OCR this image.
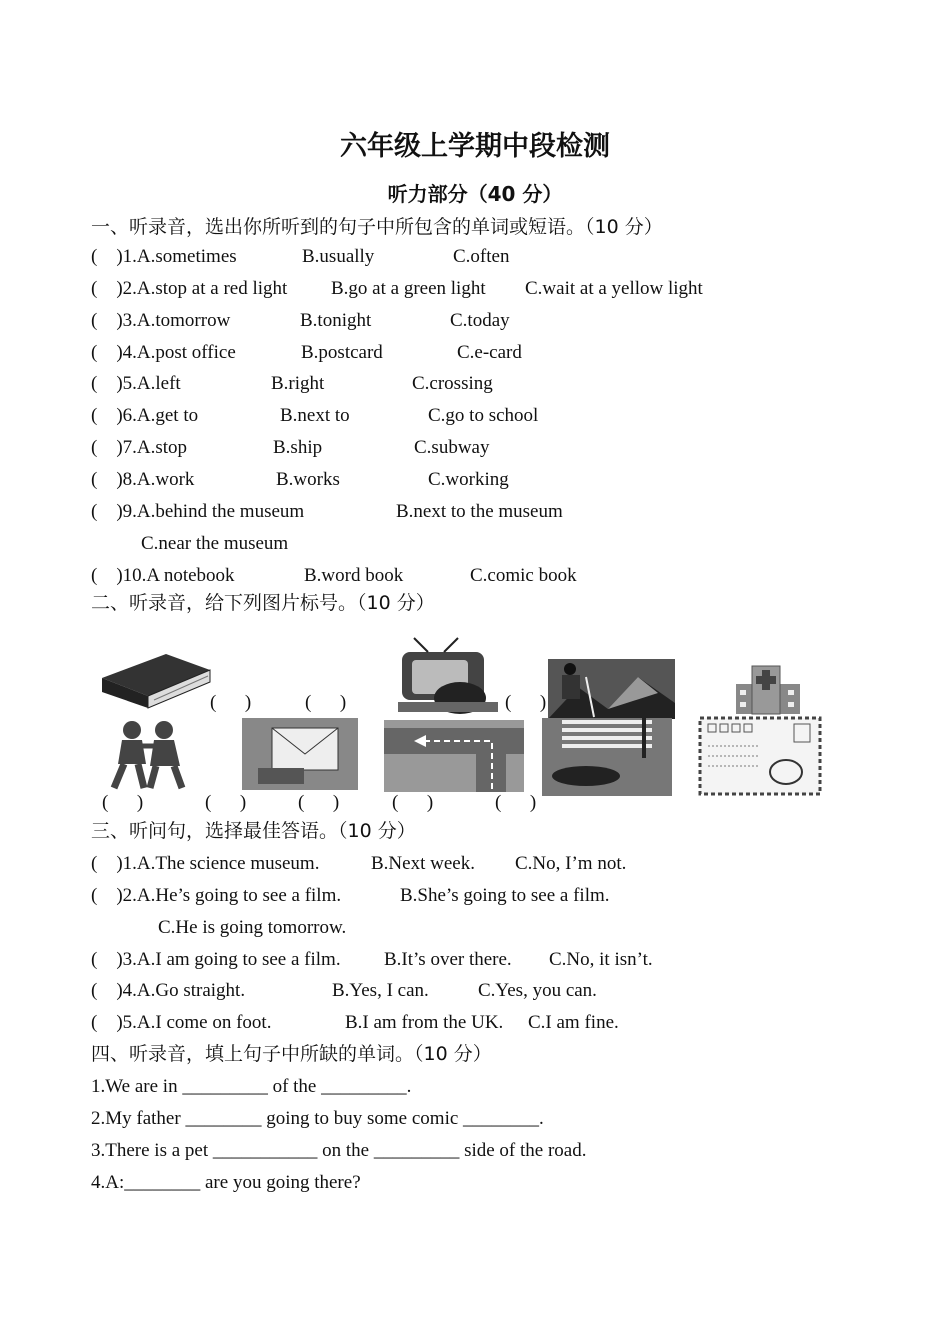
六年级上学期中段检测
听力部分（40 分）
一、听录音，选出你所听到的句子中所包含的单词或短语。（10 分）
(    )1.A.sometimes	B.usually	C.often
(    )2.A.stop at a red light B.go at a green light C.wait at a yellow light
(    )3.A.tomorrow	B.tonight	C.today
(    )4.A.post office	B.postcard	C.e-card
(    )5.A.left	B.right	C.crossing
(    )6.A.get to	B.next to	C.go to school
(    )7.A.stop	B.ship	C.subway
(    )8.A.work	B.works	C.working
(    )9.A.behind the museum	B.next to the museum
C.near the museum
(    )10.A notebook	B.word book	C.comic book
二、听录音，给下列图片标号。（10 分）
(      )	(      )	(      )
(      )	(      )	(      )	(      )	(      )
三、听问句，选择最佳答语。（10 分）
(    )1.A.The science museum.	B.Next week. C.No, I’m not.
(    )2.A.He’s going to see a film.	B.She’s going to see a film.
C.He is going tomorrow.
(    )3.A.I am going to see a film. B.It’s over there. C.No, it isn’t.
(    )4.A.Go straight.	B.Yes, I can.	C.Yes, you can.
(    )5.A.I come on foot.	B.I am from the UK. C.I am fine.
四、听录音，填上句子中所缺的单词。（10 分）
1.We are in _________ of the _________.
2.My father ________ going to buy some comic ________.
3.There is a pet ___________ on the _________ side of the road.
4.A:________ are you going there?
